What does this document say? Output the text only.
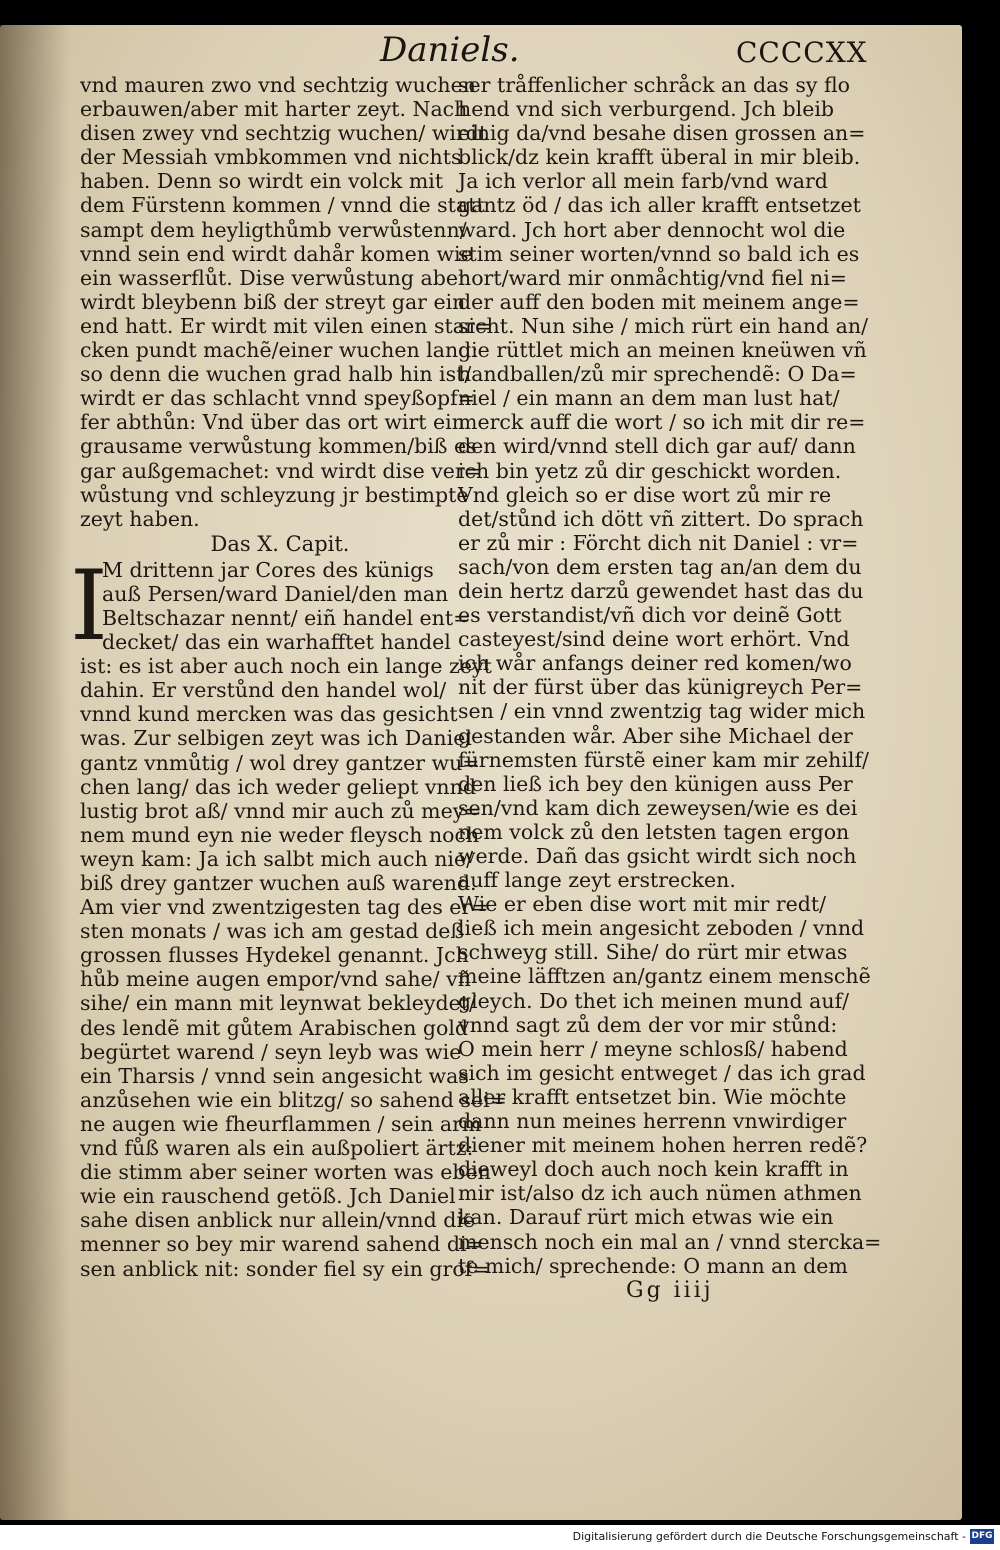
Daniels.	CCCCXX
vnd mauren zwo vnd sechtzig wuchen
erbauwen/aber mit harter zeyt. Nach
disen zwey vnd sechtzig wuchen/ wirdt
der Messiah vmbkommen vnd nichts
haben. Denn so wirdt ein volck mit
dem Fürstenn kommen / vnnd die statt
sampt dem heyligthůmb verwůstenn/
vnnd sein end wirdt dahår komen wie
ein wasserflůt. Dise verwůstung aber
wirdt bleybenn biß der streyt gar ein
end hatt. Er wirdt mit vilen einen star=
cken pundt machẽ/einer wuchen lang:
so denn die wuchen grad halb hin ist/
wirdt er das schlacht vnnd speyßopf=
fer abthůn: Vnd über das ort wirt ein
grausame verwůstung kommen/biß es
gar außgemachet: vnd wirdt dise ver=
wůstung vnd schleyzung jr bestimpte
zeyt haben.
Das X. Capit.
I
M drittenn jar Cores des künigs
auß Persen/ward Daniel/den man
Beltschazar nennt/ eiñ handel ent=
decket/ das ein warhafftet handel
ist: es ist aber auch noch ein lange zeyt
dahin. Er verstůnd den handel wol/
vnnd kund mercken was das gesicht
was. Zur selbigen zeyt was ich Daniel
gantz vnmůtig / wol drey gantzer wu=
chen lang/ das ich weder geliept vnnd
lustig brot aß/ vnnd mir auch zů mey=
nem mund eyn nie weder fleysch noch
weyn kam: Ja ich salbt mich auch nie/
biß drey gantzer wuchen auß warend.
Am vier vnd zwentzigesten tag des er=
sten monats / was ich am gestad deß
grossen flusses Hydekel genannt. Jch
hůb meine augen empor/vnd sahe/ vñ
sihe/ ein mann mit leynwat bekleydet/
des lendẽ mit gůtem Arabischen gold
begürtet warend / seyn leyb was wie
ein Tharsis / vnnd sein angesicht was
anzůsehen wie ein blitzg/ so sahend sei=
ne augen wie fheurflammen / sein arm
vnd fůß waren als ein außpoliert ärtz:
die stimm aber seiner worten was eben
wie ein rauschend getöß. Jch Daniel
sahe disen anblick nur allein/vnnd die
menner so bey mir warend sahend di=
sen anblick nit: sonder fiel sy ein grof=
ser tråffenlicher schråck an das sy flo
hend vnd sich verburgend. Jch bleib
einig da/vnd besahe disen grossen an=
blick/dz kein krafft überal in mir bleib.
Ja ich verlor all mein farb/vnd ward
gantz öd / das ich aller krafft entsetzet
ward. Jch hort aber dennocht wol die
stim seiner worten/vnnd so bald ich es
hort/ward mir onmåchtig/vnd fiel ni=
der auff den boden mit meinem ange=
sicht. Nun sihe / mich rürt ein hand an/
die rüttlet mich an meinen kneüwen vñ
handballen/zů mir sprechendẽ: O Da=
niel / ein mann an dem man lust hat/
merck auff die wort / so ich mit dir re=
den wird/vnnd stell dich gar auf/ dann
ich bin yetz zů dir geschickt worden.
Vnd gleich so er dise wort zů mir re
det/stůnd ich dött vñ zittert. Do sprach
er zů mir : Förcht dich nit Daniel : vr=
sach/von dem ersten tag an/an dem du
dein hertz darzů gewendet hast das du
es verstandist/vñ dich vor deinẽ Gott
casteyest/sind deine wort erhört. Vnd
ich wår anfangs deiner red komen/wo
nit der fürst über das künigreych Per=
sen / ein vnnd zwentzig tag wider mich
gestanden wår. Aber sihe Michael der
fürnemsten fürstẽ einer kam mir zehilf/
den ließ ich bey den künigen auss Per
sen/vnd kam dich zewеysen/wie es dei
nem volck zů den letsten tagen ergon
werde. Dañ das gsicht wirdt sich noch
auff lange zeyt erstrecken.
Wie er eben dise wort mit mir redt/
ließ ich mein angesicht zeboden / vnnd
schweyg still. Sihe/ do rürt mir etwas
meine läfftzen an/gantz einem menschẽ
gleych. Do thet ich meinen mund auf/
vnnd sagt zů dem der vor mir stůnd:
O mein herr / meyne schlosß/ habend
sich im gesicht entweget / das ich grad
aller krafft entsetzet bin. Wie möchte
dann nun meines herrenn vnwirdiger
diener mit meinem hohen herren redẽ?
dieweyl doch auch noch kein krafft in
mir ist/also dz ich auch nümen athmen
kan. Darauf rürt mich etwas wie ein
mensch noch ein mal an / vnnd stercka=
te mich/ sprechende: O mann an dem
Gg iiij
Digitalisierung gefördert durch die Deutsche Forschungsgemeinschaft - DFG
